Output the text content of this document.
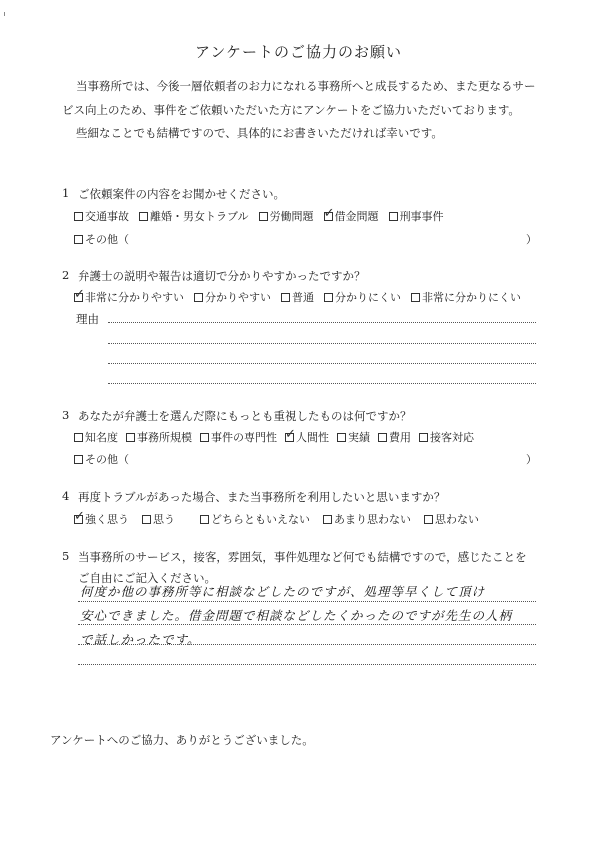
アンケートのご協力のお願い
当事務所では、今後一層依頼者のお力になれる事務所へと成長するため、また更なるサー
ビス向上のため、事件をご依頼いただいた方にアンケートをご協力いただいております。
些細なことでも結構ですので、具体的にお書きいただければ幸いです。
1 ご依頼案件の内容をお聞かせください。
交通事故 離婚・男女トラブル 労働問題 ✓ 借金問題 刑事事件
その他（	）
2 弁護士の説明や報告は適切で分かりやすかったですか？
✓ 非常に分かりやすい 分かりやすい 普通 分かりにくい 非常に分かりにくい
理由
3 あなたが弁護士を選んだ際にもっとも重視したものは何ですか？
知名度 事務所規模 事件の専門性 ✓ 人間性 実績 費用 接客対応
その他（	）
4 再度トラブルがあった場合、また当事務所を利用したいと思いますか？
✓ 強く思う 思う	どちらともいえない あまり思わない 思わない
5 当事務所のサービス，接客，雰囲気，事件処理など何でも結構ですので，感じたことを
ご自由にご記入ください。
何度か他の事務所等に相談などしたのですが、処理等早くして頂け
安心できました。借金問題で相談などしたくかったのですが先生の人柄
で話しかったです。
アンケートへのご協力、ありがとうございました。
